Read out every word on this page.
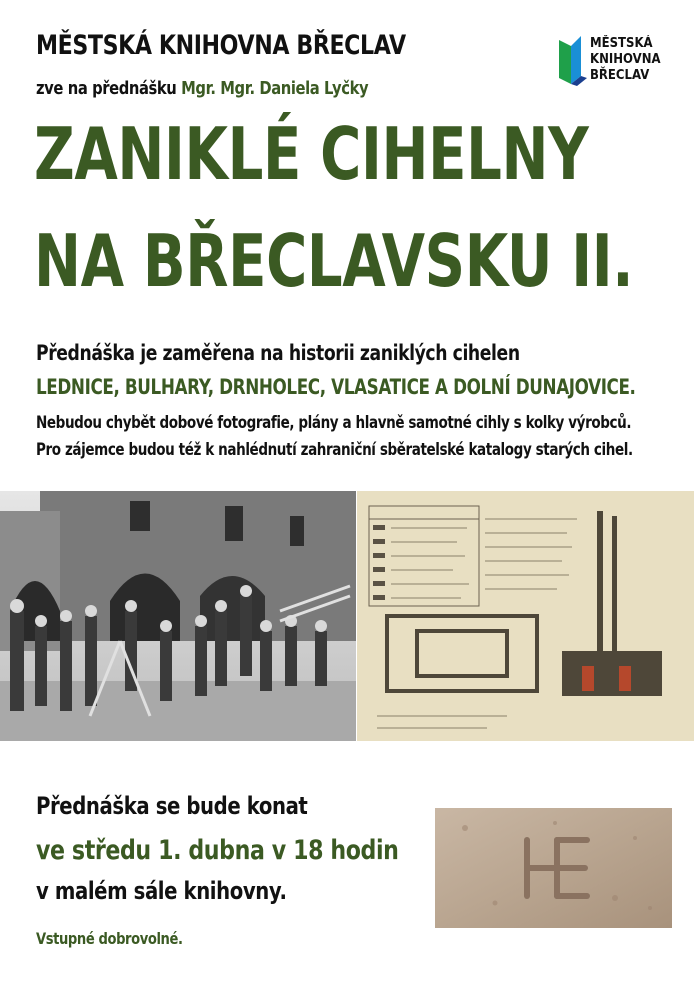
MĚSTSKÁ KNIHOVNA BŘECLAV
zve na přednášku Mgr. Mgr. Daniela Lyčky
MĚSTSKÁ
KNIHOVNA
BŘECLAV
ZANIKLÉ CIHELNY
NA BŘECLAVSKU II.
Přednáška je zaměřena na historii zaniklých cihelen
LEDNICE, BULHARY, DRNHOLEC, VLASATICE A DOLNÍ DUNAJOVICE.
Nebudou chybět dobové fotografie, plány a hlavně samotné cihly s kolky výrobců.
Pro zájemce budou též k nahlédnutí zahraniční sběratelské katalogy starých cihel.
Přednáška se bude konat
ve středu 1. dubna v 18 hodin
v malém sále knihovny.
Vstupné dobrovolné.
